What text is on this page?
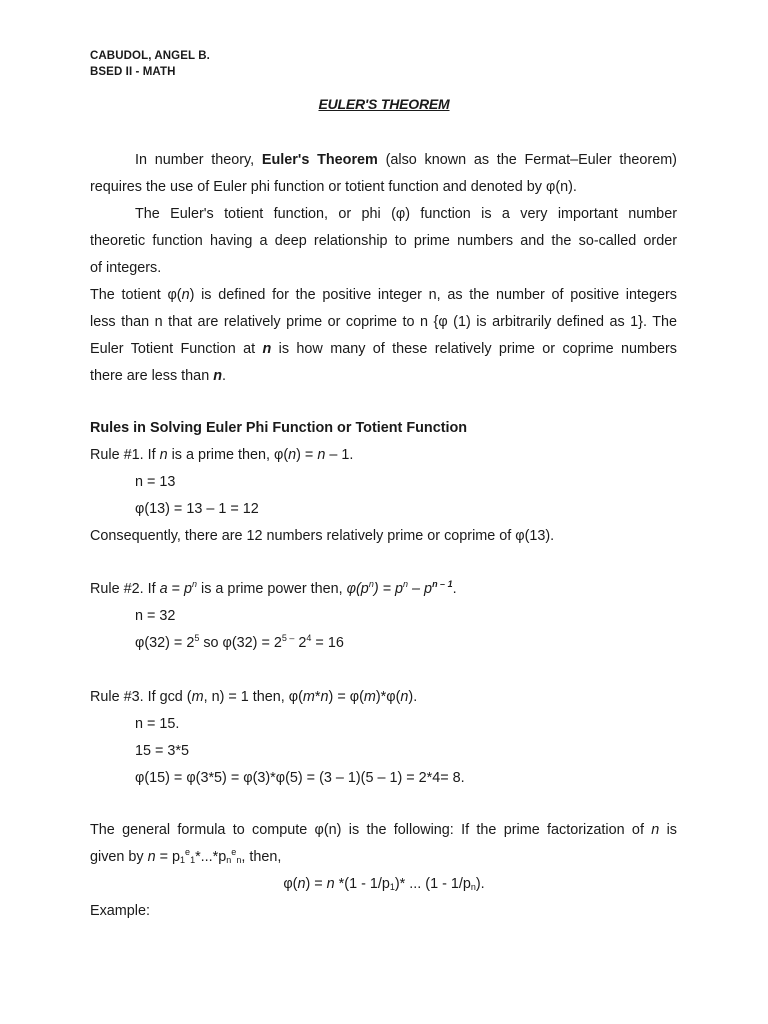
CABUDOL, ANGEL B.
BSED II - MATH
EULER'S THEOREM
In number theory, Euler's Theorem (also known as the Fermat–Euler theorem)
requires the use of Euler phi function or totient function and denoted by φ(n).
The Euler's totient function, or phi (φ) function is a very important number
theoretic function having a deep relationship to prime numbers and the so-called order
of integers.
The totient φ(n) is defined for the positive integer n, as the number of positive integers
less than n that are relatively prime or coprime to n {φ (1) is arbitrarily defined as 1}. The
Euler Totient Function at n is how many of these relatively prime or coprime numbers
there are less than n.
Rules in Solving Euler Phi Function or Totient Function
Rule #1. If n is a prime then, φ(n) = n – 1.
n = 13
φ(13) = 13 – 1 = 12
Consequently, there are 12 numbers relatively prime or coprime of φ(13).
Rule #2. If $a = p^n$ is a prime power then, $\varphi(p^n) = p^n - p^{n - 1}$.
n = 32
$\varphi(32) = 2^5$ so $\varphi(32) = 2^{5 -}$ $2^4 = 16$
Rule #3. If gcd (m, n) = 1 then, φ(m*n) = φ(m)*φ(n).
n = 15.
15 = 3*5
φ(15) = φ(3*5) = φ(3)*φ(5) = (3 – 1)(5 – 1) = 2*4= 8.
The general formula to compute φ(n) is the following: If the prime factorization of n is
given by $n = p_1^e_1*...*p_n^e_n$, then,
φ(n) = n $*(1 - 1/p_1)*$ ... $(1 - 1/p_n)$.
Example:
